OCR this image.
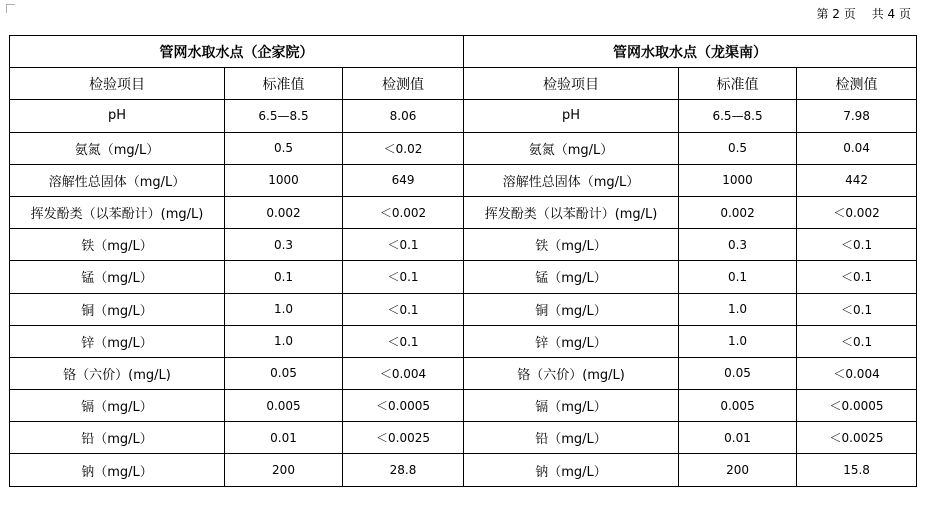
第 2 页 共 4 页
管网水取水点（企家院）			管网水取水点（龙渠南）		
检验项目	标准值	检测值	检验项目	标准值	检测值
pH	6.5—8.5	8.06	pH	6.5—8.5	7.98
氨氮（mg/L）	0.5	＜0.02	氨氮（mg/L）	0.5	0.04
溶解性总固体（mg/L）	1000	649	溶解性总固体（mg/L）	1000	442
挥发酚类（以苯酚计）(mg/L)	0.002	＜0.002	挥发酚类（以苯酚计）(mg/L)	0.002	＜0.002
铁（mg/L）	0.3	＜0.1	铁（mg/L）	0.3	＜0.1
锰（mg/L）	0.1	＜0.1	锰（mg/L）	0.1	＜0.1
铜（mg/L）	1.0	＜0.1	铜（mg/L）	1.0	＜0.1
锌（mg/L）	1.0	＜0.1	锌（mg/L）	1.0	＜0.1
铬（六价）(mg/L)	0.05	＜0.004	铬（六价）(mg/L)	0.05	＜0.004
镉（mg/L）	0.005	＜0.0005	镉（mg/L）	0.005	＜0.0005
铅（mg/L）	0.01	＜0.0025	铅（mg/L）	0.01	＜0.0025
钠（mg/L）	200	28.8	钠（mg/L）	200	15.8
